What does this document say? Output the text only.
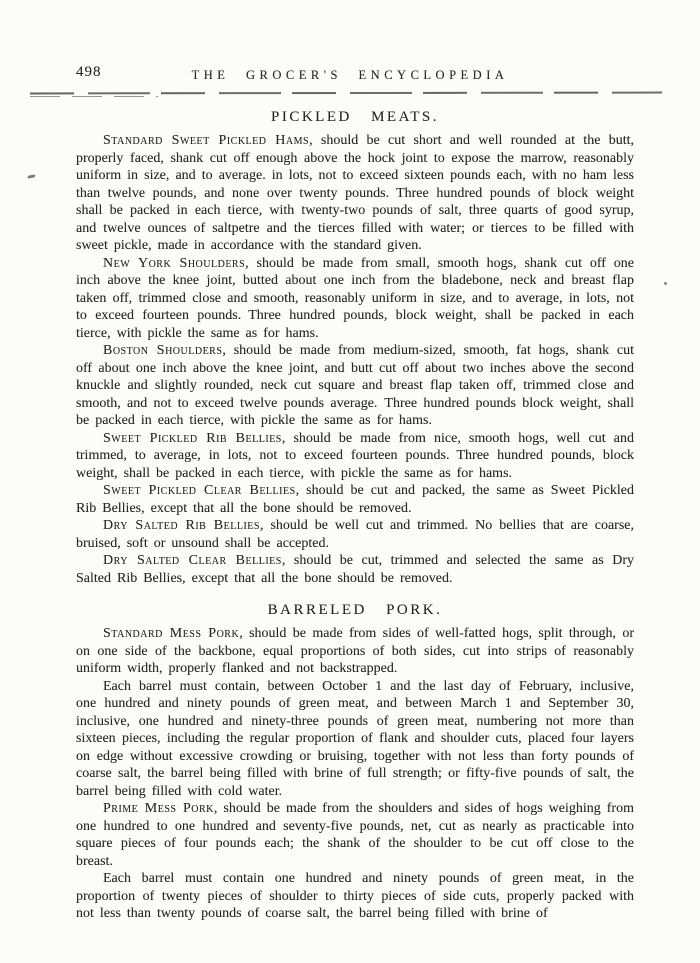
498	THE GROCER'S ENCYCLOPEDIA
PICKLED MEATS.

Standard Sweet Pickled Hams, should be cut short and well rounded at the butt, properly faced, shank cut off enough above the hock joint to expose the marrow, reasonably uniform in size, and to average. in lots, not to exceed sixteen pounds each, with no ham less than twelve pounds, and none over twenty pounds. Three hundred pounds of block weight shall be packed in each tierce, with twenty-two pounds of salt, three quarts of good syrup, and twelve ounces of saltpetre and the tierces filled with water; or tierces to be filled with sweet pickle, made in accordance with the standard given.

New York Shoulders, should be made from small, smooth hogs, shank cut off one inch above the knee joint, butted about one inch from the bladebone, neck and breast flap taken off, trimmed close and smooth, reasonably uniform in size, and to average, in lots, not to exceed fourteen pounds. Three hundred pounds, block weight, shall be packed in each tierce, with pickle the same as for hams.

Boston Shoulders, should be made from medium-sized, smooth, fat hogs, shank cut off about one inch above the knee joint, and butt cut off about two inches above the second knuckle and slightly rounded, neck cut square and breast flap taken off, trimmed close and smooth, and not to exceed twelve pounds average. Three hundred pounds block weight, shall be packed in each tierce, with pickle the same as for hams.

Sweet Pickled Rib Bellies, should be made from nice, smooth hogs, well cut and trimmed, to average, in lots, not to exceed fourteen pounds. Three hundred pounds, block weight, shall be packed in each tierce, with pickle the same as for hams.

Sweet Pickled Clear Bellies, should be cut and packed, the same as Sweet Pickled Rib Bellies, except that all the bone should be removed.

Dry Salted Rib Bellies, should be well cut and trimmed. No bellies that are coarse, bruised, soft or unsound shall be accepted.

Dry Salted Clear Bellies, should be cut, trimmed and selected the same as Dry Salted Rib Bellies, except that all the bone should be removed.

BARRELED PORK.

Standard Mess Pork, should be made from sides of well-fatted hogs, split through, or on one side of the backbone, equal proportions of both sides, cut into strips of reasonably uniform width, properly flanked and not backstrapped.

Each barrel must contain, between October 1 and the last day of February, inclusive, one hundred and ninety pounds of green meat, and between March 1 and September 30, inclusive, one hundred and ninety-three pounds of green meat, numbering not more than sixteen pieces, including the regular proportion of flank and shoulder cuts, placed four layers on edge without excessive crowding or bruising, together with not less than forty pounds of coarse salt, the barrel being filled with brine of full strength; or fifty-five pounds of salt, the barrel being filled with cold water.

Prime Mess Pork, should be made from the shoulders and sides of hogs weighing from one hundred to one hundred and seventy-five pounds, net, cut as nearly as practicable into square pieces of four pounds each; the shank of the shoulder to be cut off close to the breast.

Each barrel must contain one hundred and ninety pounds of green meat, in the proportion of twenty pieces of shoulder to thirty pieces of side cuts, properly packed with not less than twenty pounds of coarse salt, the barrel being filled with brine of
